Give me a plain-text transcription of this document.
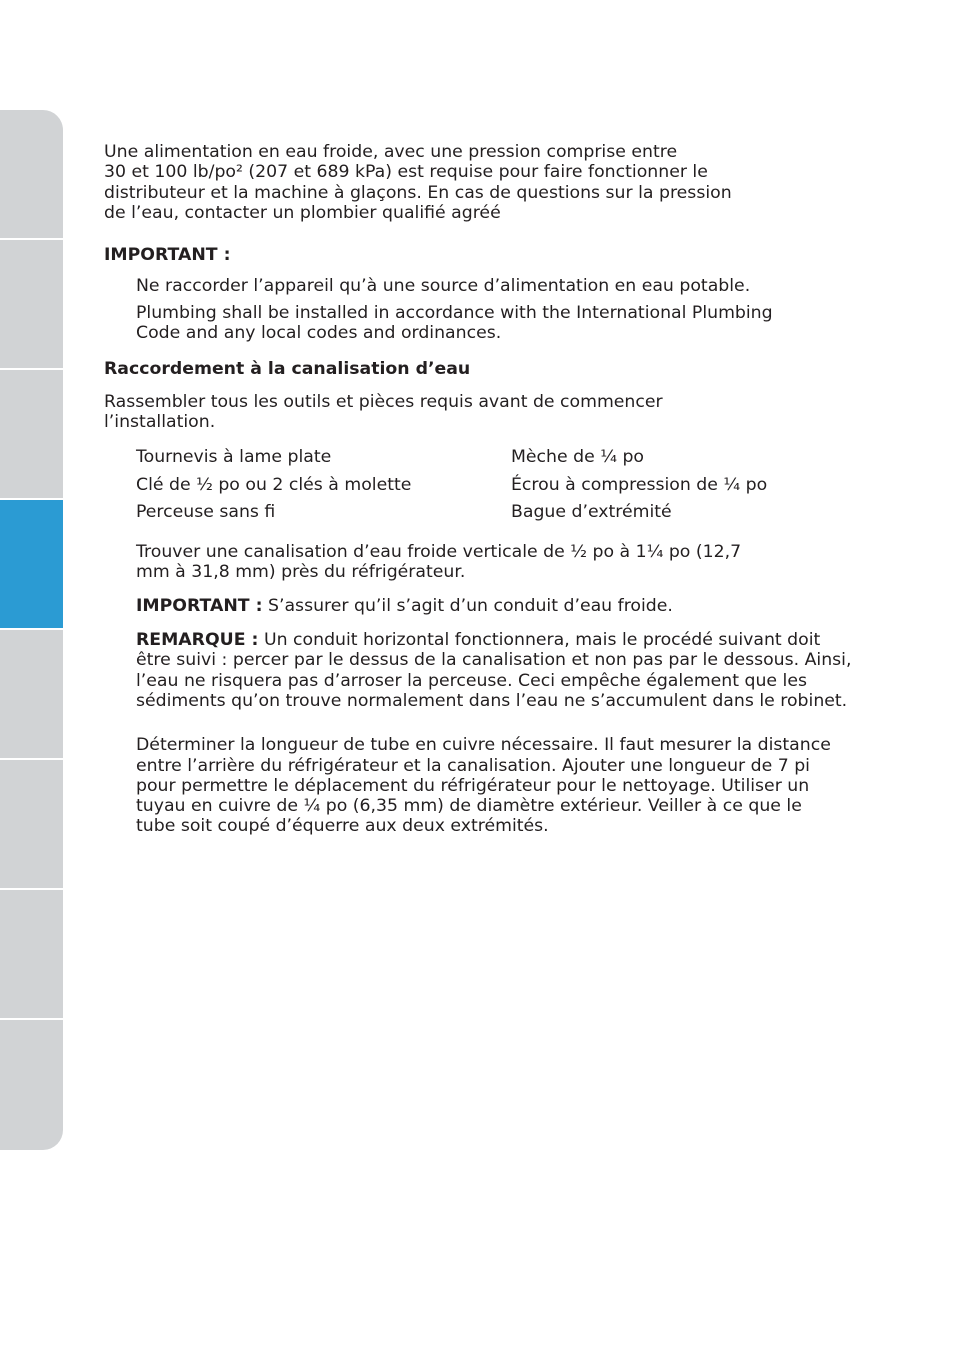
Une alimentation en eau froide, avec une pression comprise entre
30 et 100 lb/po² (207 et 689 kPa) est requise pour faire fonctionner le
distributeur et la machine à glaçons. En cas de questions sur la pression
de l’eau, contacter un plombier qualifié agréé

IMPORTANT :

Ne raccorder l’appareil qu’à une source d’alimentation en eau potable.

Plumbing shall be installed in accordance with the International Plumbing Code and any local codes and ordinances.

Raccordement à la canalisation d’eau

Rassembler tous les outils et pièces requis avant de commencer l’installation.

Tournevis à lame plate	Mèche de ¼ po
Clé de ½ po ou 2 clés à molette	Écrou à compression de ¼ po
Perceuse sans fi	Bague d’extrémité

Trouver une canalisation d’eau froide verticale de ½ po à 1¼ po (12,7 mm à 31,8 mm) près du réfrigérateur.

IMPORTANT : S’assurer qu’il s’agit d’un conduit d’eau froide.

REMARQUE : Un conduit horizontal fonctionnera, mais le procédé suivant doit être suivi : percer par le dessus de la canalisation et non pas par le dessous. Ainsi, l’eau ne risquera pas d’arroser la perceuse. Ceci empêche également que les sédiments qu’on trouve normalement dans l’eau ne s’accumulent dans le robinet.

Déterminer la longueur de tube en cuivre nécessaire. Il faut mesurer la distance entre l’arrière du réfrigérateur et la canalisation. Ajouter une longueur de 7 pi pour permettre le déplacement du réfrigérateur pour le nettoyage. Utiliser un tuyau en cuivre de ¼ po (6,35 mm) de diamètre extérieur. Veiller à ce que le tube soit coupé d’équerre aux deux extrémités.
